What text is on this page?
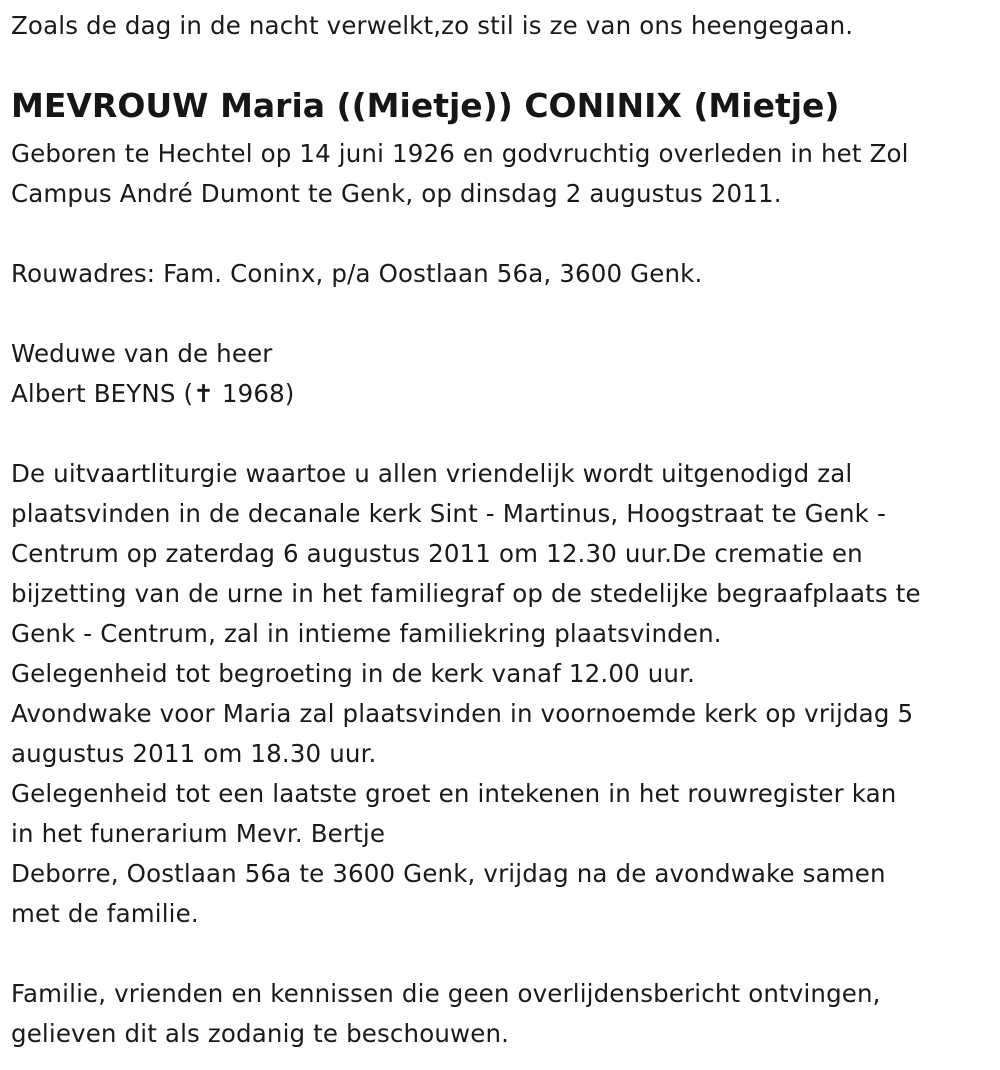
Zoals de dag in de nacht verwelkt,zo stil is ze van ons heengegaan.
MEVROUW Maria ((Mietje)) CONINIX (Mietje)
Geboren te Hechtel op 14 juni 1926 en godvruchtig overleden in het Zol
Campus André Dumont te Genk, op dinsdag 2 augustus 2011.
Rouwadres: Fam. Coninx, p/a Oostlaan 56a, 3600 Genk.
Weduwe van de heer
Albert BEYNS (✝ 1968)
De uitvaartliturgie waartoe u allen vriendelijk wordt uitgenodigd zal
plaatsvinden in de decanale kerk Sint - Martinus, Hoogstraat te Genk -
Centrum op zaterdag 6 augustus 2011 om 12.30 uur.De crematie en
bijzetting van de urne in het familiegraf op de stedelijke begraafplaats te
Genk - Centrum, zal in intieme familiekring plaatsvinden.
Gelegenheid tot begroeting in de kerk vanaf 12.00 uur.
Avondwake voor Maria zal plaatsvinden in voornoemde kerk op vrijdag 5
augustus 2011 om 18.30 uur.
Gelegenheid tot een laatste groet en intekenen in het rouwregister kan
in het funerarium Mevr. Bertje
Deborre, Oostlaan 56a te 3600 Genk, vrijdag na de avondwake samen
met de familie.
Familie, vrienden en kennissen die geen overlijdensbericht ontvingen,
gelieven dit als zodanig te beschouwen.
